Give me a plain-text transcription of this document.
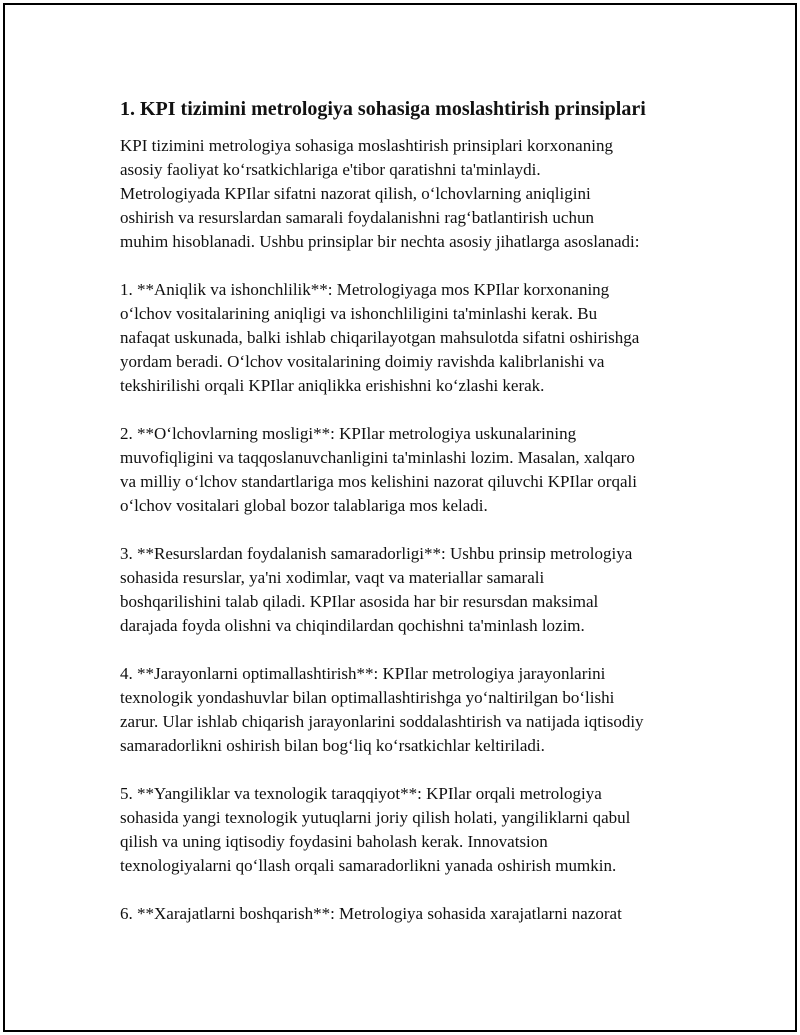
1. KPI tizimini metrologiya sohasiga moslashtirish prinsiplari

KPI tizimini metrologiya sohasiga moslashtirish prinsiplari korxonaning
asosiy faoliyat ko‘rsatkichlariga e'tibor qaratishni ta'minlaydi.
Metrologiyada KPIlar sifatni nazorat qilish, o‘lchovlarning aniqligini
oshirish va resurslardan samarali foydalanishni rag‘batlantirish uchun
muhim hisoblanadi. Ushbu prinsiplar bir nechta asosiy jihatlarga asoslanadi:

1. **Aniqlik va ishonchlilik**: Metrologiyaga mos KPIlar korxonaning
o‘lchov vositalarining aniqligi va ishonchliligini ta'minlashi kerak. Bu
nafaqat uskunada, balki ishlab chiqarilayotgan mahsulotda sifatni oshirishga
yordam beradi. O‘lchov vositalarining doimiy ravishda kalibrlanishi va
tekshirilishi orqali KPIlar aniqlikka erishishni ko‘zlashi kerak.

2. **O‘lchovlarning mosligi**: KPIlar metrologiya uskunalarining
muvofiqligini va taqqoslanuvchanligini ta'minlashi lozim. Masalan, xalqaro
va milliy o‘lchov standartlariga mos kelishini nazorat qiluvchi KPIlar orqali
o‘lchov vositalari global bozor talablariga mos keladi.

3. **Resurslardan foydalanish samaradorligi**: Ushbu prinsip metrologiya
sohasida resurslar, ya'ni xodimlar, vaqt va materiallar samarali
boshqarilishini talab qiladi. KPIlar asosida har bir resursdan maksimal
darajada foyda olishni va chiqindilardan qochishni ta'minlash lozim.

4. **Jarayonlarni optimallashtirish**: KPIlar metrologiya jarayonlarini
texnologik yondashuvlar bilan optimallashtirishga yo‘naltirilgan bo‘lishi
zarur. Ular ishlab chiqarish jarayonlarini soddalashtirish va natijada iqtisodiy
samaradorlikni oshirish bilan bog‘liq ko‘rsatkichlar keltiriladi.

5. **Yangiliklar va texnologik taraqqiyot**: KPIlar orqali metrologiya
sohasida yangi texnologik yutuqlarni joriy qilish holati, yangiliklarni qabul
qilish va uning iqtisodiy foydasini baholash kerak. Innovatsion
texnologiyalarni qo‘llash orqali samaradorlikni yanada oshirish mumkin.

6. **Xarajatlarni boshqarish**: Metrologiya sohasida xarajatlarni nazorat
